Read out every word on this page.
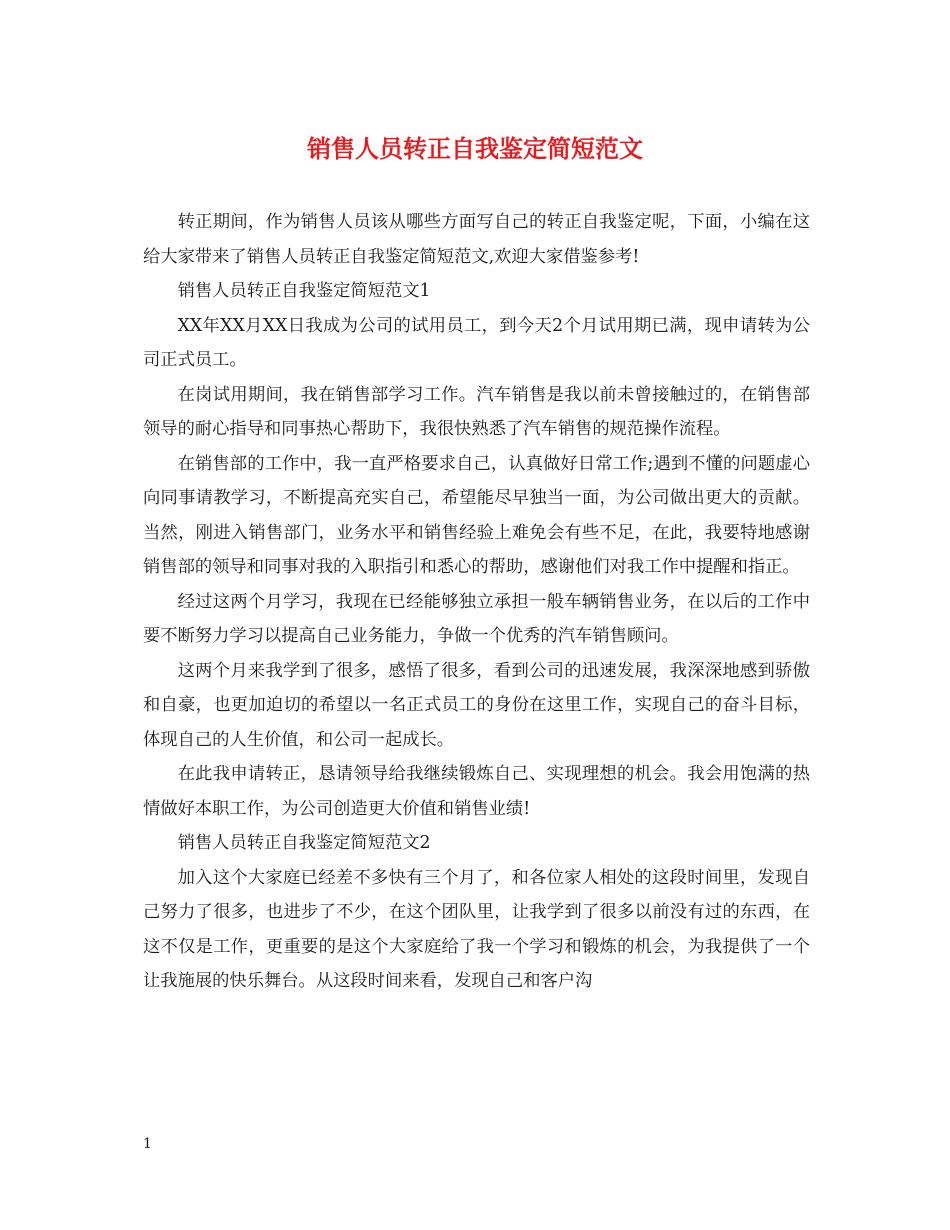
销售人员转正自我鉴定简短范文

转正期间，作为销售人员该从哪些方面写自己的转正自我鉴定呢，下面，小编在这给大家带来了销售人员转正自我鉴定简短范文,欢迎大家借鉴参考!

销售人员转正自我鉴定简短范文1

XX年XX月XX日我成为公司的试用员工，到今天2个月试用期已满，现申请转为公司正式员工。

在岗试用期间，我在销售部学习工作。汽车销售是我以前未曾接触过的，在销售部领导的耐心指导和同事热心帮助下，我很快熟悉了汽车销售的规范操作流程。

在销售部的工作中，我一直严格要求自己，认真做好日常工作;遇到不懂的问题虚心向同事请教学习，不断提高充实自己，希望能尽早独当一面，为公司做出更大的贡献。当然，刚进入销售部门，业务水平和销售经验上难免会有些不足，在此，我要特地感谢销售部的领导和同事对我的入职指引和悉心的帮助，感谢他们对我工作中提醒和指正。

经过这两个月学习，我现在已经能够独立承担一般车辆销售业务，在以后的工作中要不断努力学习以提高自己业务能力，争做一个优秀的汽车销售顾问。

这两个月来我学到了很多，感悟了很多，看到公司的迅速发展，我深深地感到骄傲和自豪，也更加迫切的希望以一名正式员工的身份在这里工作，实现自己的奋斗目标，体现自己的人生价值，和公司一起成长。

在此我申请转正，恳请领导给我继续锻炼自己、实现理想的机会。我会用饱满的热情做好本职工作，为公司创造更大价值和销售业绩!

销售人员转正自我鉴定简短范文2

加入这个大家庭已经差不多快有三个月了，和各位家人相处的这段时间里，发现自己努力了很多，也进步了不少，在这个团队里，让我学到了很多以前没有过的东西，在这不仅是工作，更重要的是这个大家庭给了我一个学习和锻炼的机会，为我提供了一个让我施展的快乐舞台。从这段时间来看，发现自己和客户沟

1
